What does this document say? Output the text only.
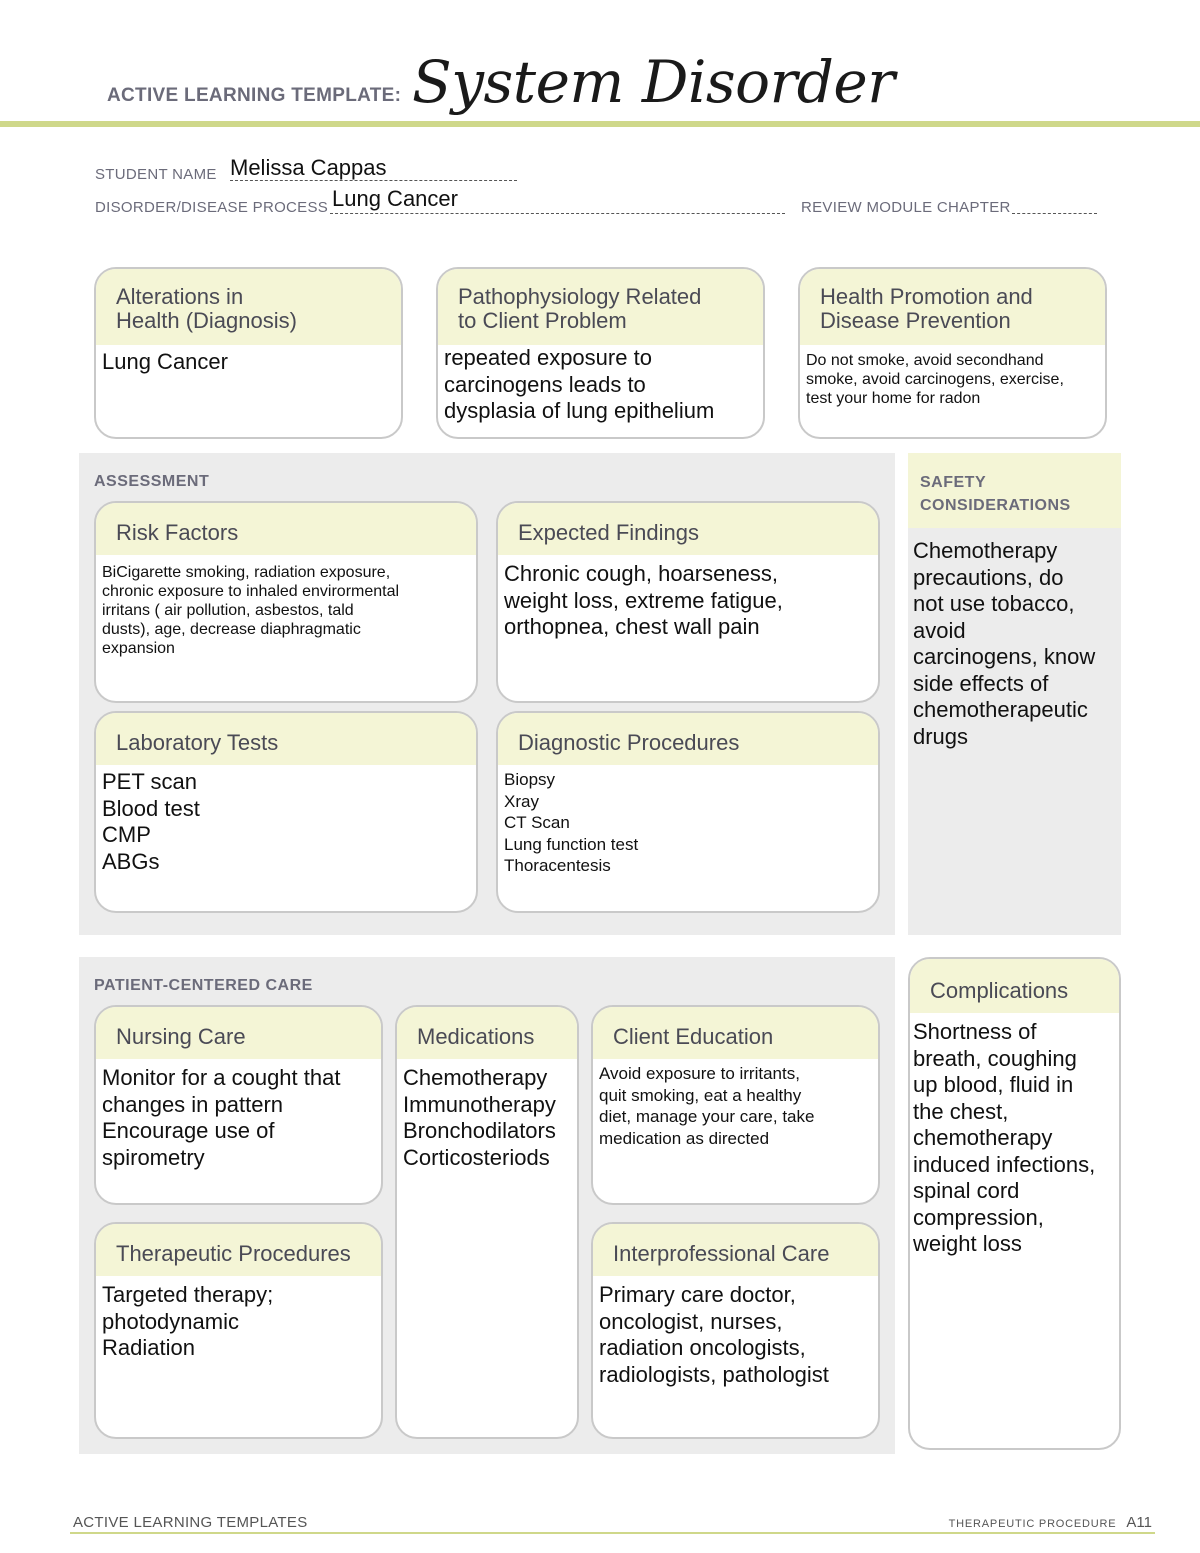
ACTIVE LEARNING TEMPLATE: System Disorder
STUDENT NAME Melissa Cappas
DISORDER/DISEASE PROCESS Lung Cancer	REVIEW MODULE CHAPTER
Alterations in
Health (Diagnosis)
Lung Cancer
Pathophysiology Related
to Client Problem
repeated exposure to
carcinogens leads to
dysplasia of lung epithelium
Health Promotion and
Disease Prevention
Do not smoke, avoid secondhand
smoke, avoid carcinogens, exercise,
test your home for radon
ASSESSMENT
Risk Factors
BiCigarette smoking, radiation exposure,
chronic exposure to inhaled envirormental
irritans ( air pollution, asbestos, tald
dusts), age, decrease diaphragmatic
expansion
Expected Findings
Chronic cough, hoarseness,
weight loss, extreme fatigue,
orthopnea, chest wall pain
Laboratory Tests
PET scan
Blood test
CMP
ABGs
Diagnostic Procedures
Biopsy
Xray
CT Scan
Lung function test
Thoracentesis
SAFETY
CONSIDERATIONS
Chemotherapy
precautions, do
not use tobacco,
avoid
carcinogens, know
side effects of
chemotherapeutic
drugs
PATIENT-CENTERED CARE
Nursing Care
Monitor for a cought that
changes in pattern
Encourage use of
spirometry
Medications
Chemotherapy
Immunotherapy
Bronchodilators
Corticosteriods
Client Education
Avoid exposure to irritants,
quit smoking, eat a healthy
diet, manage your care, take
medication as directed
Therapeutic Procedures
Targeted therapy;
photodynamic
Radiation
Interprofessional Care
Primary care doctor,
oncologist, nurses,
radiation oncologists,
radiologists, pathologist
Complications
Shortness of
breath, coughing
up blood, fluid in
the chest,
chemotherapy
induced infections,
spinal cord
compression,
weight loss
ACTIVE LEARNING TEMPLATES	THERAPEUTIC PROCEDURE A11
